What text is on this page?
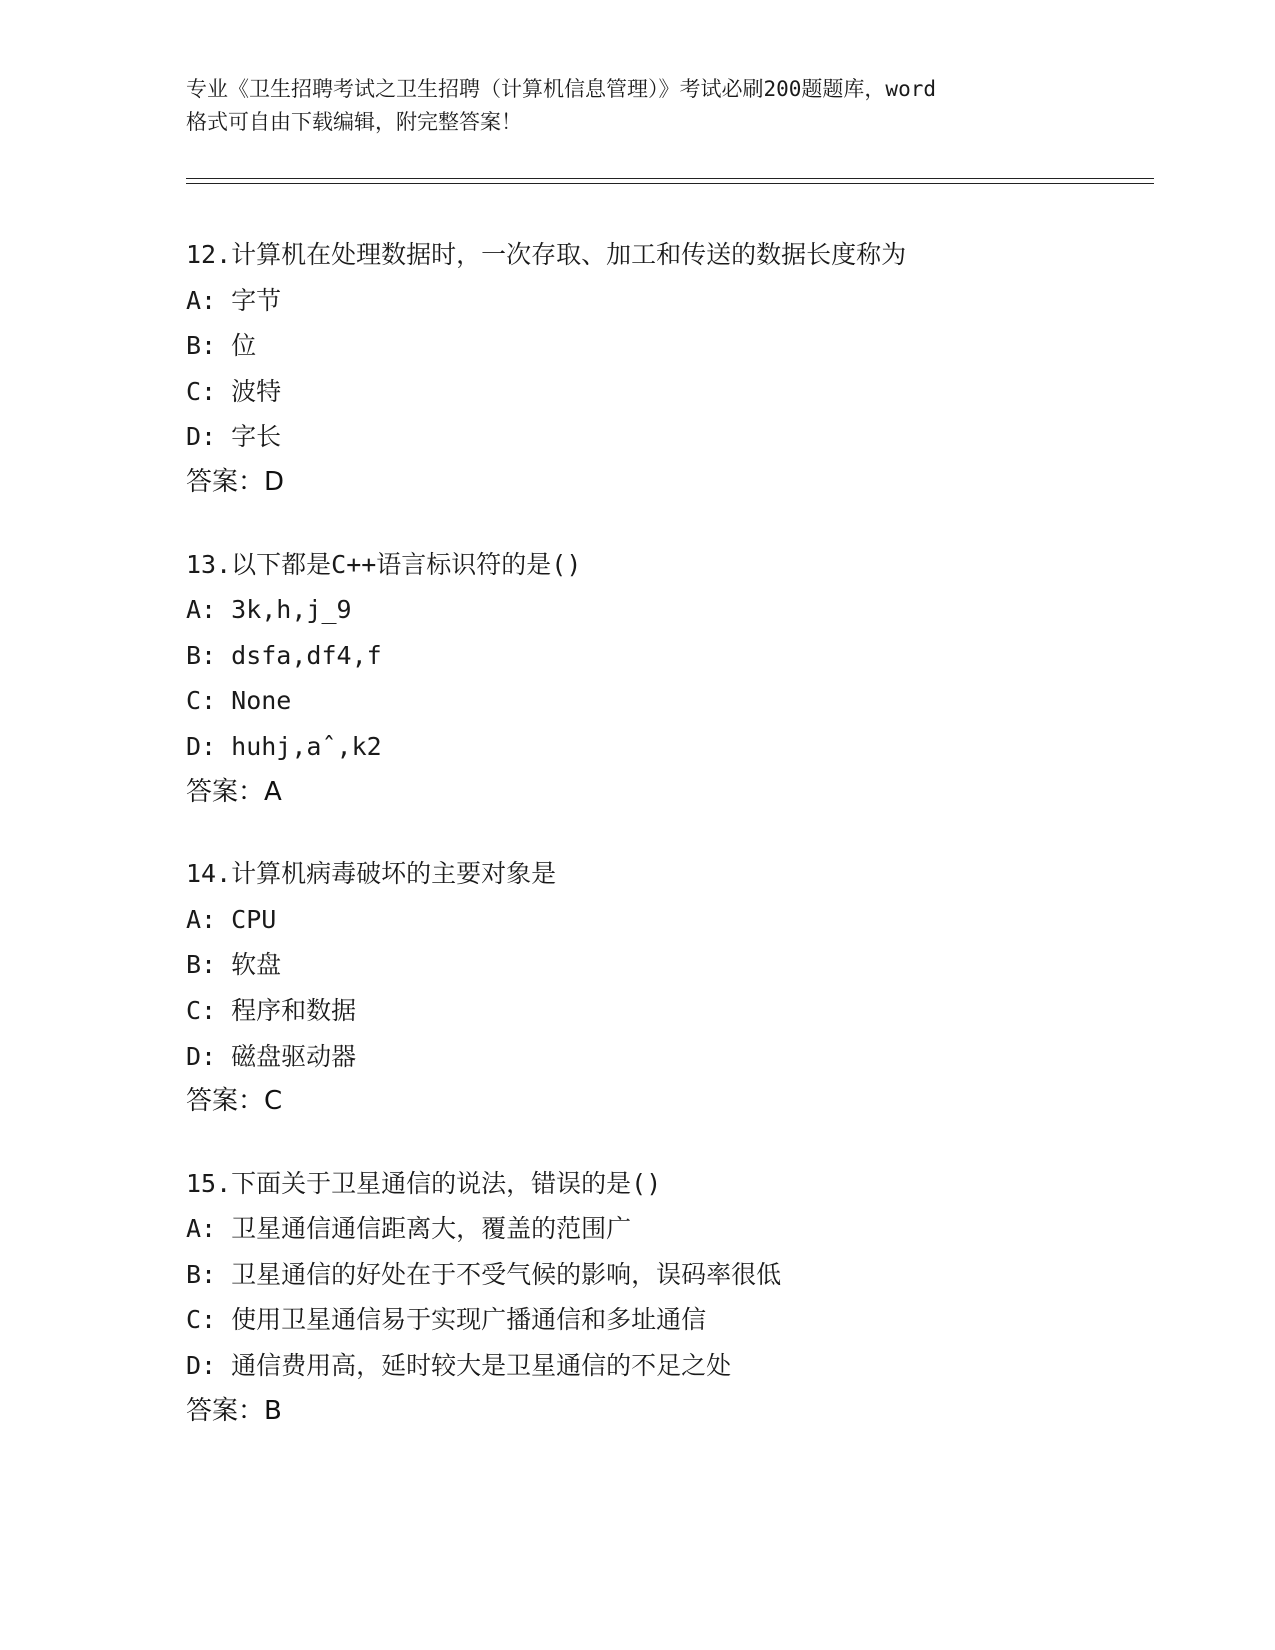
专业《卫生招聘考试之卫生招聘（计算机信息管理）》考试必刷200题题库，word
格式可自由下载编辑，附完整答案！
12.计算机在处理数据时，一次存取、加工和传送的数据长度称为
A: 字节
B: 位
C: 波特
D: 字长
答案：D
13.以下都是C++语言标识符的是()
A: 3k,h,j_9
B: dsfa,df4,f
C: None
D: huhj,aˆ,k2
答案：A
14.计算机病毒破坏的主要对象是
A: CPU
B: 软盘
C: 程序和数据
D: 磁盘驱动器
答案：C
15.下面关于卫星通信的说法，错误的是()
A: 卫星通信通信距离大，覆盖的范围广
B: 卫星通信的好处在于不受气候的影响，误码率很低
C: 使用卫星通信易于实现广播通信和多址通信
D: 通信费用高，延时较大是卫星通信的不足之处
答案：B
